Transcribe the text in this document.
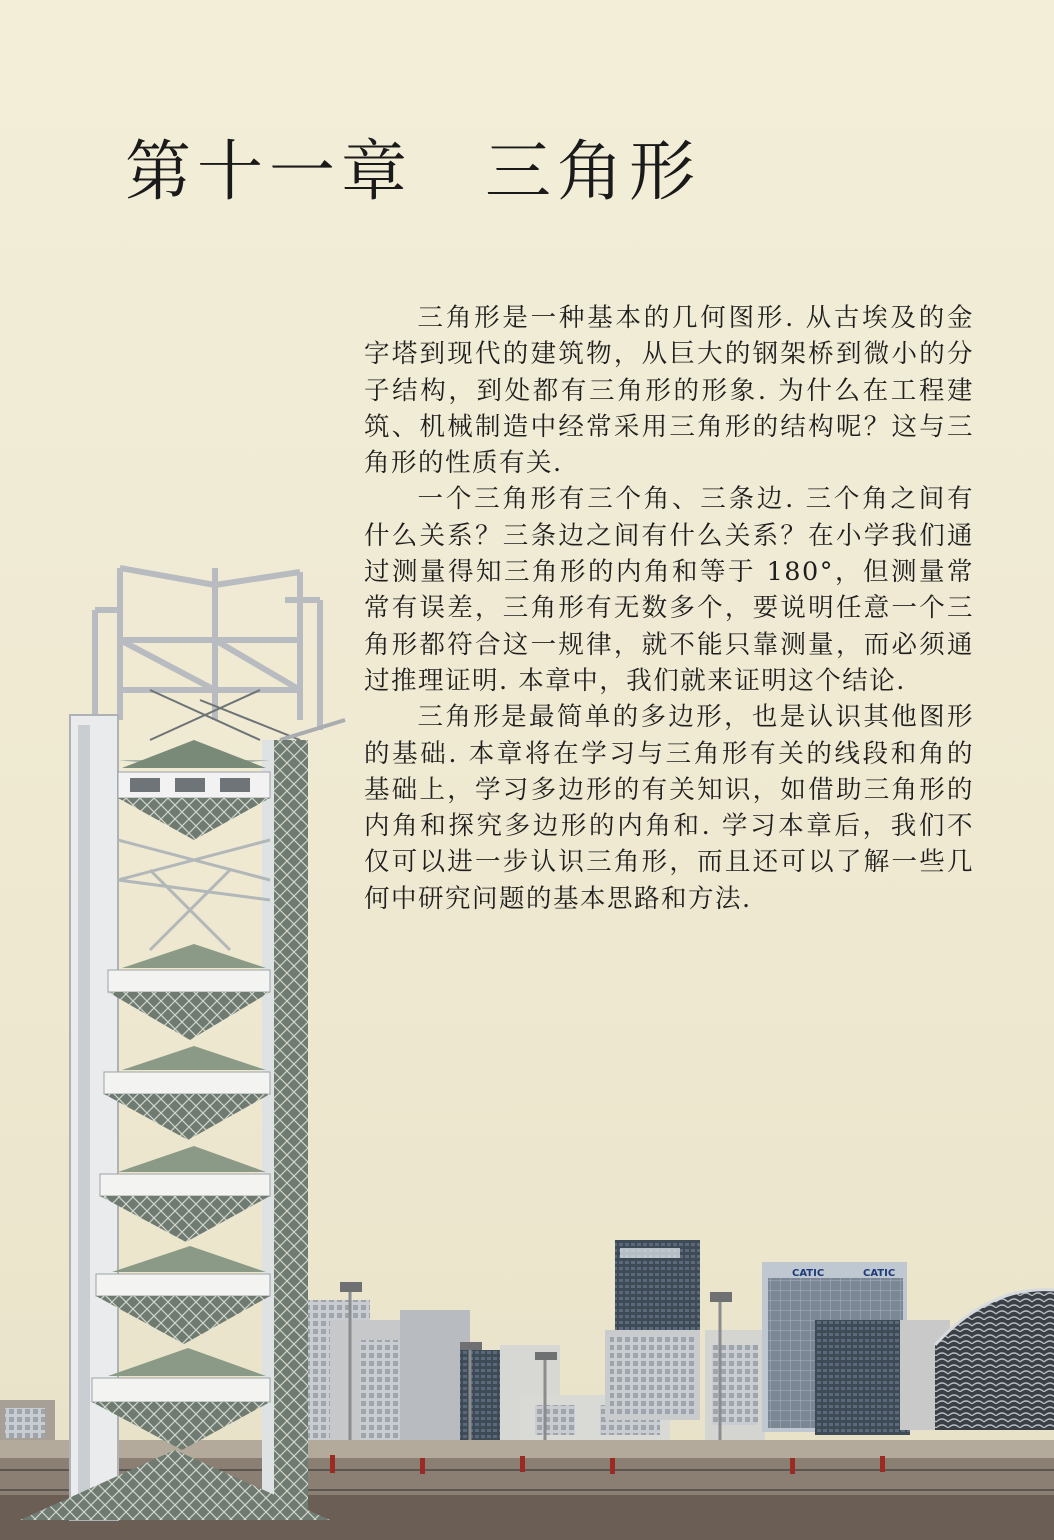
CATIC	CATIC
第十一章　三角形

三角形是一种基本的几何图形. 从古埃及的金字塔到现代的建筑物，从巨大的钢架桥到微小的分子结构，到处都有三角形的形象. 为什么在工程建筑、机械制造中经常采用三角形的结构呢？这与三角形的性质有关.

一个三角形有三个角、三条边. 三个角之间有什么关系？三条边之间有什么关系？在小学我们通过测量得知三角形的内角和等于 180°，但测量常常有误差，三角形有无数多个，要说明任意一个三角形都符合这一规律，就不能只靠测量，而必须通过推理证明. 本章中，我们就来证明这个结论.

三角形是最简单的多边形，也是认识其他图形的基础. 本章将在学习与三角形有关的线段和角的基础上，学习多边形的有关知识，如借助三角形的内角和探究多边形的内角和. 学习本章后，我们不仅可以进一步认识三角形，而且还可以了解一些几何中研究问题的基本思路和方法.
